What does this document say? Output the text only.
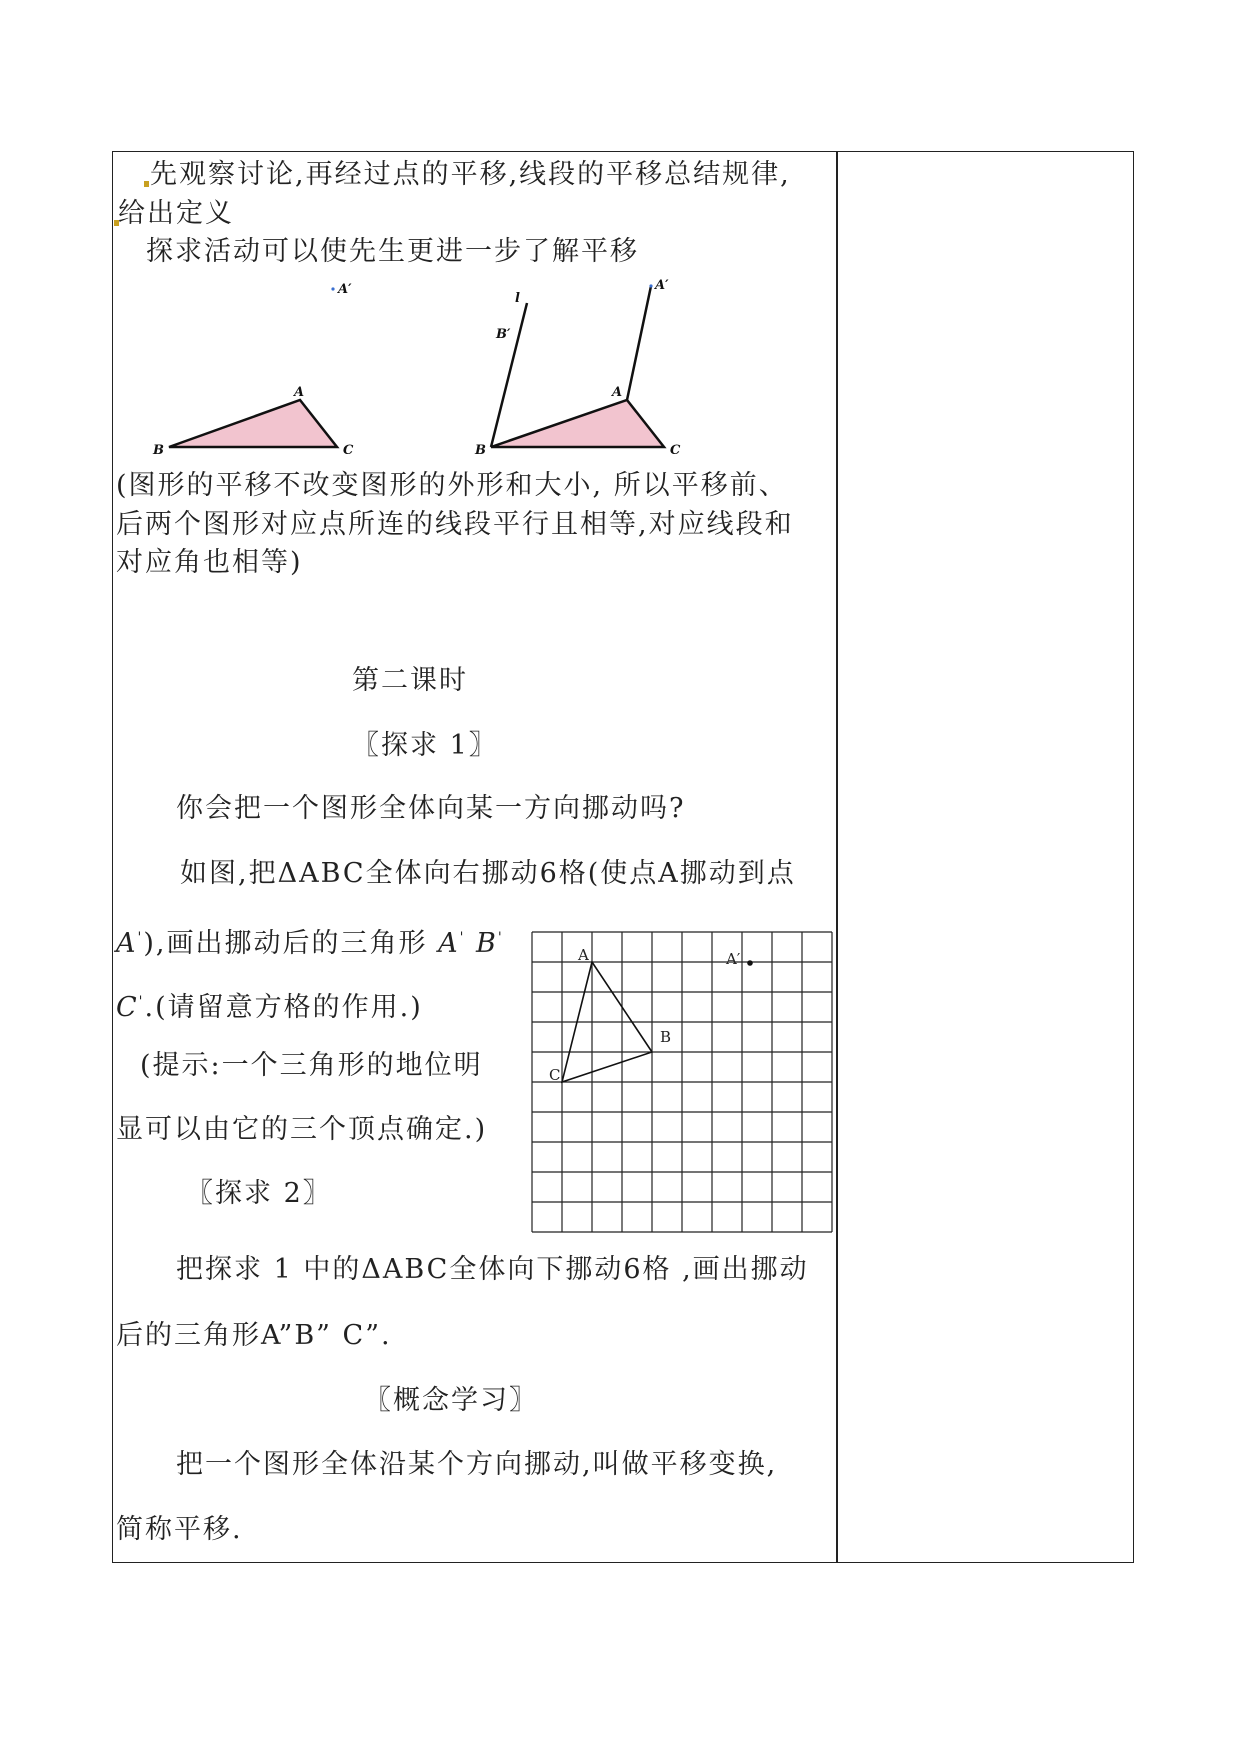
先观察讨论,再经过点的平移,线段的平移总结规律,
给出定义
探求活动可以使先生更进一步了解平移
A′
A
B	C
l
B′
A′
A
B	C
(图形的平移不改变图形的外形和大小, 所以平移前、
后两个图形对应点所连的线段平行且相等,对应线段和
对应角也相等)
第二课时
〖探求 1〗
你会把一个图形全体向某一方向挪动吗?
如图,把ΔABC全体向右挪动6格(使点A挪动到点
A'),画出挪动后的三角形 A' B'
C'.(请留意方格的作用.)
(提示:一个三角形的地位明
显可以由它的三个顶点确定.)
〖探求 2〗
A
B
C
A′
把探求 1 中的ΔABC全体向下挪动6格 ,画出挪动
后的三角形A”B” C”.
〖概念学习〗
把一个图形全体沿某个方向挪动,叫做平移变换,
简称平移.
